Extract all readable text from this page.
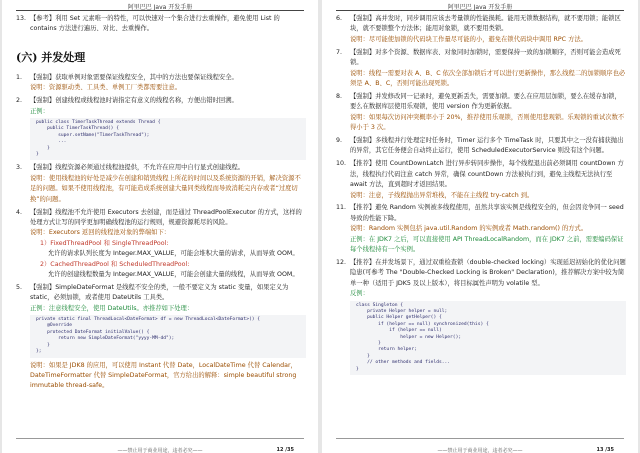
阿里巴巴 Java 开发手册
13. 【参考】利用 Set 元素唯一的特性，可以快速对一个集合进行去重操作，避免使用 List 的 contains 方法进行遍历、对比、去重操作。
(六) 并发处理
1. 【强制】获取单例对象需要保证线程安全，其中的方法也要保证线程安全。
说明：资源驱动类、工具类、单例工厂类都需要注意。
2. 【强制】创建线程或线程池时请指定有意义的线程名称，方便出错时回溯。
正例：
public class TimerTaskThread extends Thread {
public TimerTaskThread() {
super.setName("TimerTaskThread");
...
}
}
3. 【强制】线程资源必须通过线程池提供，不允许在应用中自行显式创建线程。
说明：使用线程池的好处是减少在创建和销毁线程上所花的时间以及系统资源的开销，解决资源不足的问题。如果不使用线程池，有可能造成系统创建大量同类线程而导致消耗完内存或者“过度切换”的问题。
4. 【强制】线程池不允许使用 Executors 去创建，而是通过 ThreadPoolExecutor 的方式，这样的处理方式让写的同学更加明确线程池的运行规则，规避资源耗尽的风险。
说明：Executors 返回的线程池对象的弊端如下：
1）FixedThreadPool 和 SingleThreadPool:
允许的请求队列长度为 Integer.MAX_VALUE，可能会堆积大量的请求，从而导致 OOM。
2）CachedThreadPool 和 ScheduledThreadPool:
允许的创建线程数量为 Integer.MAX_VALUE，可能会创建大量的线程，从而导致 OOM。
5. 【强制】SimpleDateFormat 是线程不安全的类，一般不要定义为 static 变量，如果定义为 static，必须加锁，或者使用 DateUtils 工具类。
正例：注意线程安全，使用 DateUtils。亦推荐如下处理：
private static final ThreadLocal<DateFormat> df = new ThreadLocal<DateFormat>() {
@Override
protected DateFormat initialValue() {
return new SimpleDateFormat("yyyy-MM-dd");
}
};
说明：如果是 JDK8 的应用，可以使用 Instant 代替 Date，LocalDateTime 代替 Calendar，DateTimeFormatter 代替 SimpleDateFormat，官方给出的解释：simple beautiful strong immutable thread-safe。
——禁止用于商业用途，违者必究——	12 /35
阿里巴巴 Java 开发手册
6. 【强制】高并发时，同步调用应该去考量锁的性能损耗。能用无锁数据结构，就不要用锁；能锁区块，就不要锁整个方法体；能用对象锁，就不要用类锁。
说明：尽可能使加锁的代码块工作量尽可能的小，避免在锁代码块中调用 RPC 方法。
7. 【强制】对多个资源、数据库表、对象同时加锁时，需要保持一致的加锁顺序，否则可能会造成死锁。
说明：线程一需要对表 A、B、C 依次全部加锁后才可以进行更新操作，那么线程二的加锁顺序也必须是 A、B、C，否则可能出现死锁。
8. 【强制】并发修改同一记录时，避免更新丢失，需要加锁。要么在应用层加锁，要么在缓存加锁，要么在数据库层使用乐观锁，使用 version 作为更新依据。
说明：如果每次访问冲突概率小于 20%，推荐使用乐观锁，否则使用悲观锁。乐观锁的重试次数不得小于 3 次。
9. 【强制】多线程并行处理定时任务时，Timer 运行多个 TimeTask 时，只要其中之一没有捕获抛出的异常，其它任务便会自动终止运行，使用 ScheduledExecutorService 则没有这个问题。
10. 【推荐】使用 CountDownLatch 进行异步转同步操作，每个线程退出前必须调用 countDown 方法，线程执行代码注意 catch 异常，确保 countDown 方法被执行到，避免主线程无法执行至 await 方法，直到超时才返回结果。
说明：注意，子线程抛出异常堆栈，不能在主线程 try-catch 到。
11. 【推荐】避免 Random 实例被多线程使用，虽然共享该实例是线程安全的，但会因竞争同一 seed 导致的性能下降。
说明：Random 实例包括 java.util.Random 的实例或者 Math.random() 的方式。
正例：在 JDK7 之后，可以直接使用 API ThreadLocalRandom，而在 JDK7 之前，需要编码保证每个线程持有一个实例。
12. 【推荐】在并发场景下，通过双重检查锁（double-checked locking）实现延迟初始化的优化问题隐患(可参考 The "Double-Checked Locking is Broken" Declaration)，推荐解决方案中较为简单一种（适用于 JDK5 及以上版本），将目标属性声明为 volatile 型。
反例：
class Singleton {
private Helper helper = null;
public Helper getHelper() {
if (helper == null) synchronized(this) {
if (helper == null)
helper = new Helper();
}
return helper;
}
// other methods and fields...
}
——禁止用于商业用途，违者必究——	13 /35
